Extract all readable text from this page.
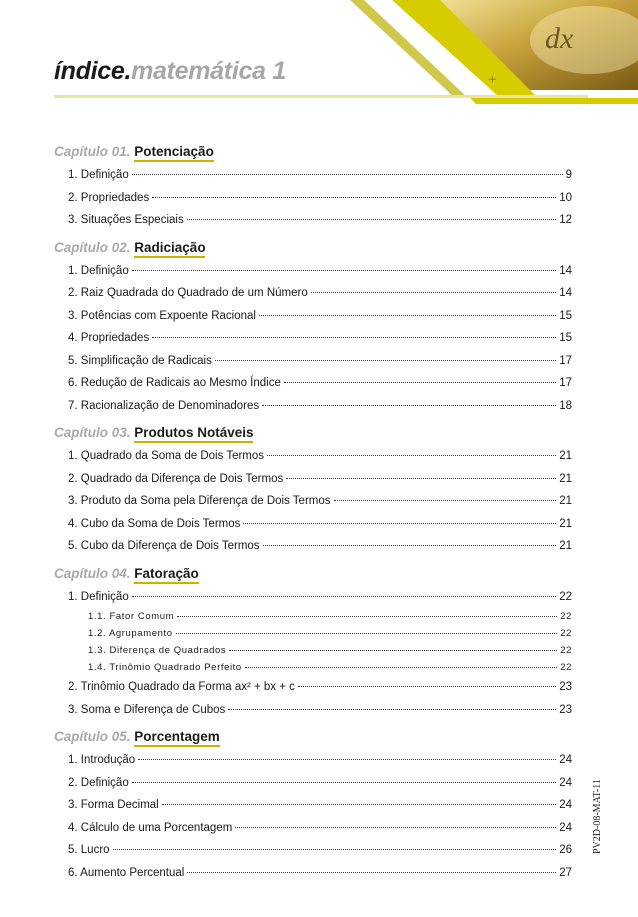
+
dx
índice.matemática 1
Capítulo 01. Potenciação
1. Definição	9
2. Propriedades	10
3. Situações Especiais	12
Capítulo 02. Radiciação
1. Definição	14
2. Raiz Quadrada do Quadrado de um Número	14
3. Potências com Expoente Racional	15
4. Propriedades	15
5. Simplificação de Radicais	17
6. Redução de Radicais ao Mesmo Índice	17
7. Racionalização de Denominadores	18
Capítulo 03. Produtos Notáveis
1. Quadrado da Soma de Dois Termos	21
2. Quadrado da Diferença de Dois Termos	21
3. Produto da Soma pela Diferença de Dois Termos	21
4. Cubo da Soma de Dois Termos	21
5. Cubo da Diferença de Dois Termos	21
Capítulo 04. Fatoração
1. Definição	22
1.1. Fator Comum	22
1.2. Agrupamento	22
1.3. Diferença de Quadrados	22
1.4. Trinômio Quadrado Perfeito	22
2. Trinômio Quadrado da Forma ax² + bx + c	23
3. Soma e Diferença de Cubos	23
Capítulo 05. Porcentagem
1. Introdução	24
2. Definição	24
3. Forma Decimal	24
4. Cálculo de uma Porcentagem	24
5. Lucro	26
6. Aumento Percentual	27
PV2D-08-MAT-11
